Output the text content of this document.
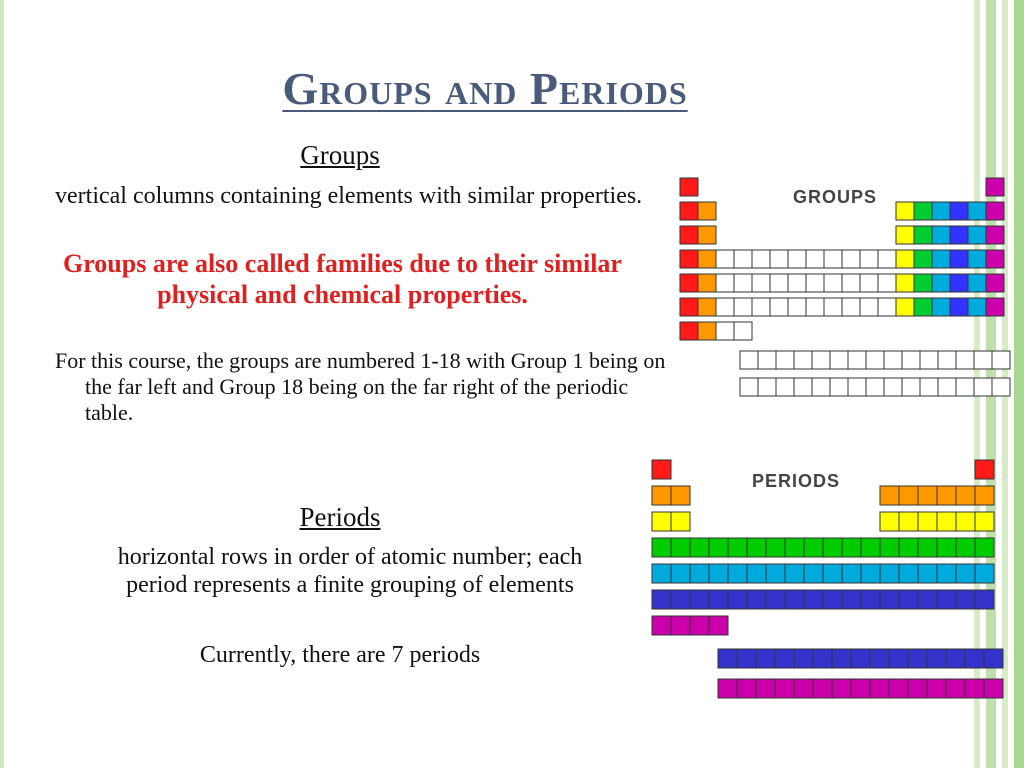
Groups and Periods
Groups
vertical columns containing elements with similar properties.
Groups are also called families due to their similar physical and chemical properties.
For this course, the groups are numbered 1-18 with Group 1 being on the far left and Group 18 being on the far right of the periodic table.
Periods
horizontal rows in order of atomic number; each period represents a finite grouping of elements
Currently, there are 7 periods
GROUPS
PERIODS
